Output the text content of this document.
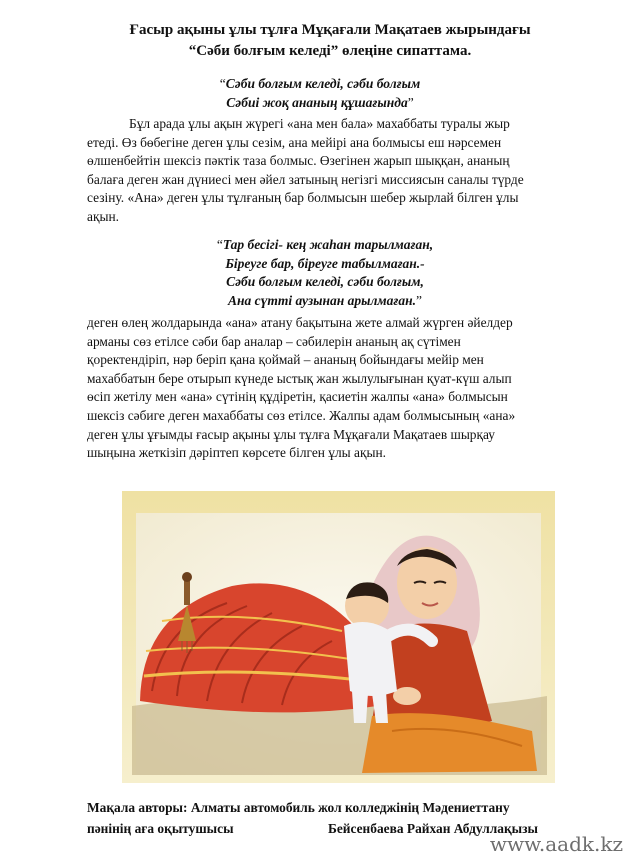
Ғасыр ақыны ұлы тұлға Мұқағали Мақатаев жырындағы
“Сәби болғым келеді” өлеңіне сипаттама.
“Сәби болғым келеді, сәби болғым
Сәбиі жоқ ананың құшағында”
Бұл арада ұлы ақын жүрегі «ана мен бала» махаббаты туралы жыр
етеді. Өз бөбегіне деген ұлы сезім, ана мейірі ана болмысы еш нәрсемен
өлшенбейтін шексіз пәктік таза болмыс. Өзегінен жарып шыққан, ананың
балаға деген жан дүниесі мен әйел затының негізгі миссиясын саналы түрде
сезіну. «Ана» деген ұлы тұлғаның бар болмысын шебер жырлай білген ұлы
ақын.
“Тар бесігі- кең жаһан тарылмаған,
Біреуге бар, біреуге табылмаған.-
Сәби болғым келеді, сәби болғым,
Ана сүтті аузынан арылмаған.”
деген өлең жолдарында «ана» атану бақытына жете алмай жүрген әйелдер
арманы сөз етілсе сәби бар аналар – сәбилерін ананың ақ сүтімен
қоректендіріп, нәр беріп қана қоймай – ананың бойындағы мейір мен
махаббатын бере отырып күнеде ыстық жан жылулығынан қуат-күш алып
өсіп жетілу мен «ана» сүтінің құдіретін, қасиетін жалпы «ана» болмысын
шексіз сәбиге деген махаббаты сөз етілсе. Жалпы адам болмысының «ана»
деген ұлы ұғымды ғасыр ақыны ұлы тұлға Мұқағали Мақатаев шырқау
шыңына жеткізіп дәріптеп көрсете білген ұлы ақын.
Мақала авторы: Алматы автомобиль жол колледжінің Мәдениеттану
пәнінің аға оқытушысы	Бейсенбаева Райхан Абдуллақызы
www.aadk.kz
